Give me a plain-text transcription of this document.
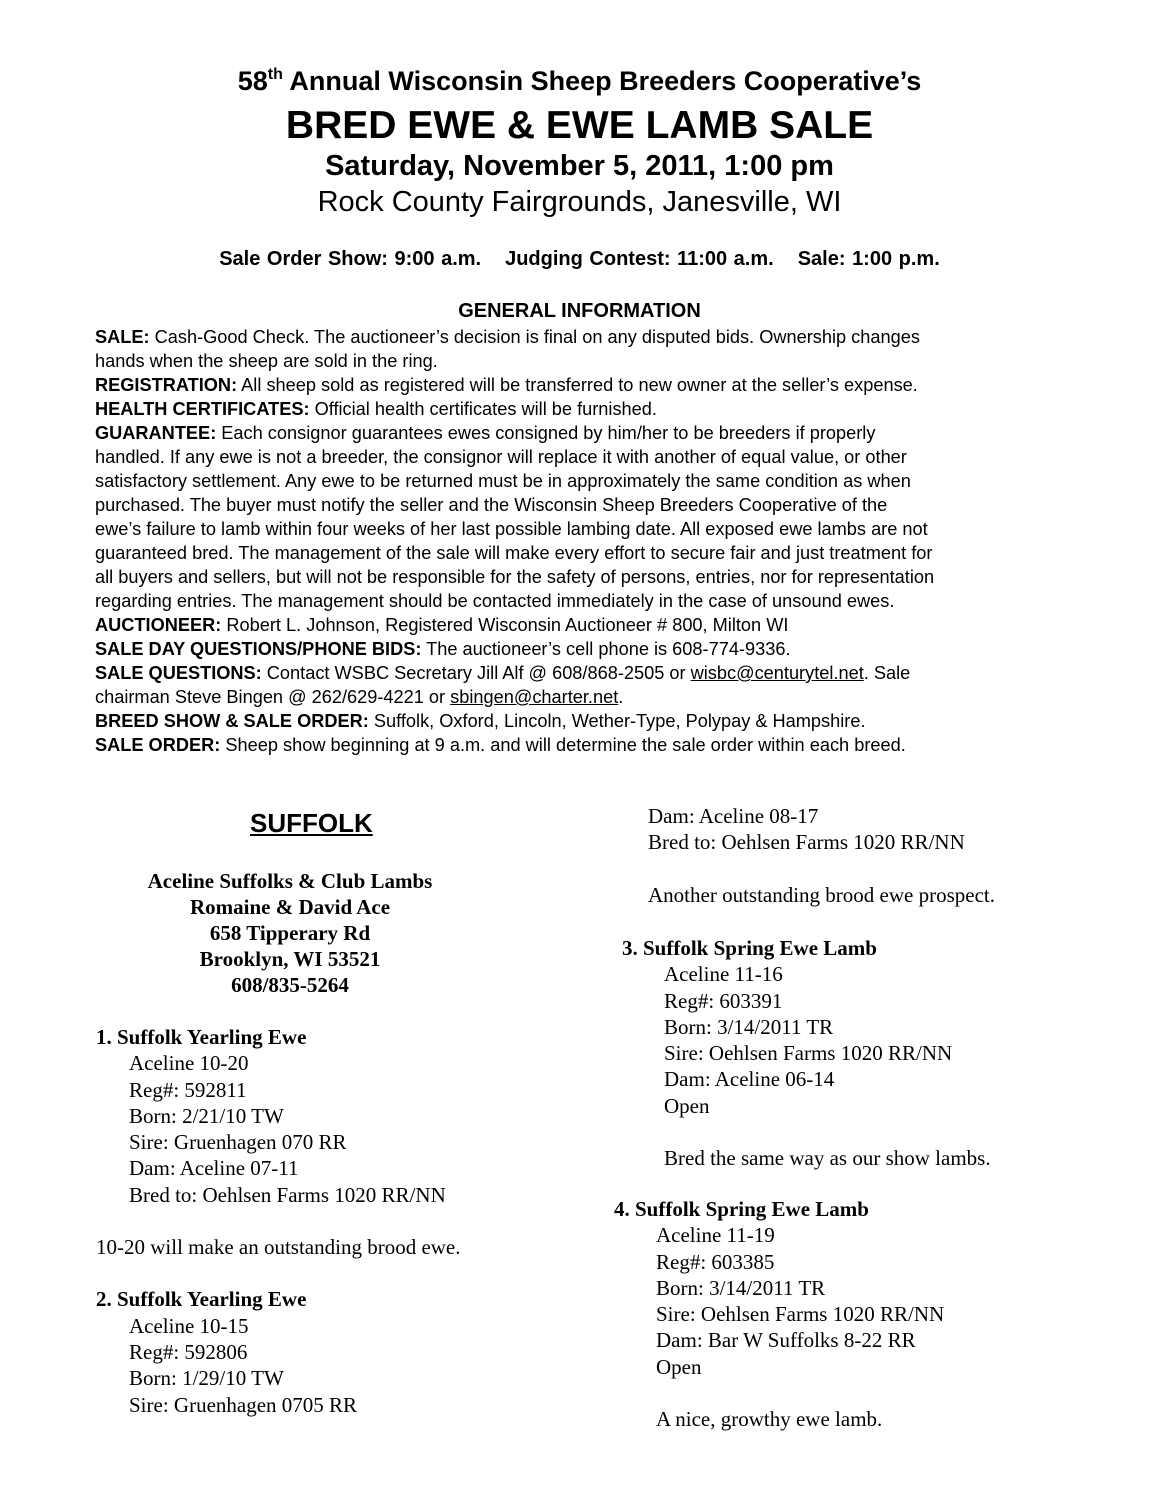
58th Annual Wisconsin Sheep Breeders Cooperative’s
BRED EWE & EWE LAMB SALE
Saturday, November 5, 2011, 1:00 pm
Rock County Fairgrounds, Janesville, WI
Sale Order Show: 9:00 a.m. Judging Contest: 11:00 a.m. Sale: 1:00 p.m.
GENERAL INFORMATION

SALE: Cash-Good Check. The auctioneer’s decision is final on any disputed bids. Ownership changes

hands when the sheep are sold in the ring.

REGISTRATION: All sheep sold as registered will be transferred to new owner at the seller’s expense.

HEALTH CERTIFICATES: Official health certificates will be furnished.

GUARANTEE: Each consignor guarantees ewes consigned by him/her to be breeders if properly

handled. If any ewe is not a breeder, the consignor will replace it with another of equal value, or other

satisfactory settlement. Any ewe to be returned must be in approximately the same condition as when

purchased. The buyer must notify the seller and the Wisconsin Sheep Breeders Cooperative of the

ewe’s failure to lamb within four weeks of her last possible lambing date. All exposed ewe lambs are not

guaranteed bred. The management of the sale will make every effort to secure fair and just treatment for

all buyers and sellers, but will not be responsible for the safety of persons, entries, nor for representation

regarding entries. The management should be contacted immediately in the case of unsound ewes.

AUCTIONEER: Robert L. Johnson, Registered Wisconsin Auctioneer # 800, Milton WI

SALE DAY QUESTIONS/PHONE BIDS: The auctioneer’s cell phone is 608-774-9336.

SALE QUESTIONS: Contact WSBC Secretary Jill Alf @ 608/868-2505 or wisbc@centurytel.net. Sale

chairman Steve Bingen @ 262/629-4221 or sbingen@charter.net.

BREED SHOW & SALE ORDER: Suffolk, Oxford, Lincoln, Wether-Type, Polypay & Hampshire.

SALE ORDER: Sheep show beginning at 9 a.m. and will determine the sale order within each breed.

SUFFOLK
Aceline Suffolks & Club Lambs
Romaine & David Ace
658 Tipperary Rd
Brooklyn, WI 53521
608/835-5264
1. Suffolk Yearling Ewe
Aceline 10-20
Reg#: 592811
Born: 2/21/10 TW
Sire: Gruenhagen 070 RR
Dam: Aceline 07-11
Bred to: Oehlsen Farms 1020 RR/NN
10-20 will make an outstanding brood ewe.
2. Suffolk Yearling Ewe
Aceline 10-15
Reg#: 592806
Born: 1/29/10 TW
Sire: Gruenhagen 0705 RR
Dam: Aceline 08-17
Bred to: Oehlsen Farms 1020 RR/NN
Another outstanding brood ewe prospect.
3. Suffolk Spring Ewe Lamb
Aceline 11-16
Reg#: 603391
Born: 3/14/2011 TR
Sire: Oehlsen Farms 1020 RR/NN
Dam: Aceline 06-14
Open
Bred the same way as our show lambs.
4. Suffolk Spring Ewe Lamb
Aceline 11-19
Reg#: 603385
Born: 3/14/2011 TR
Sire: Oehlsen Farms 1020 RR/NN
Dam: Bar W Suffolks 8-22 RR
Open
A nice, growthy ewe lamb.
